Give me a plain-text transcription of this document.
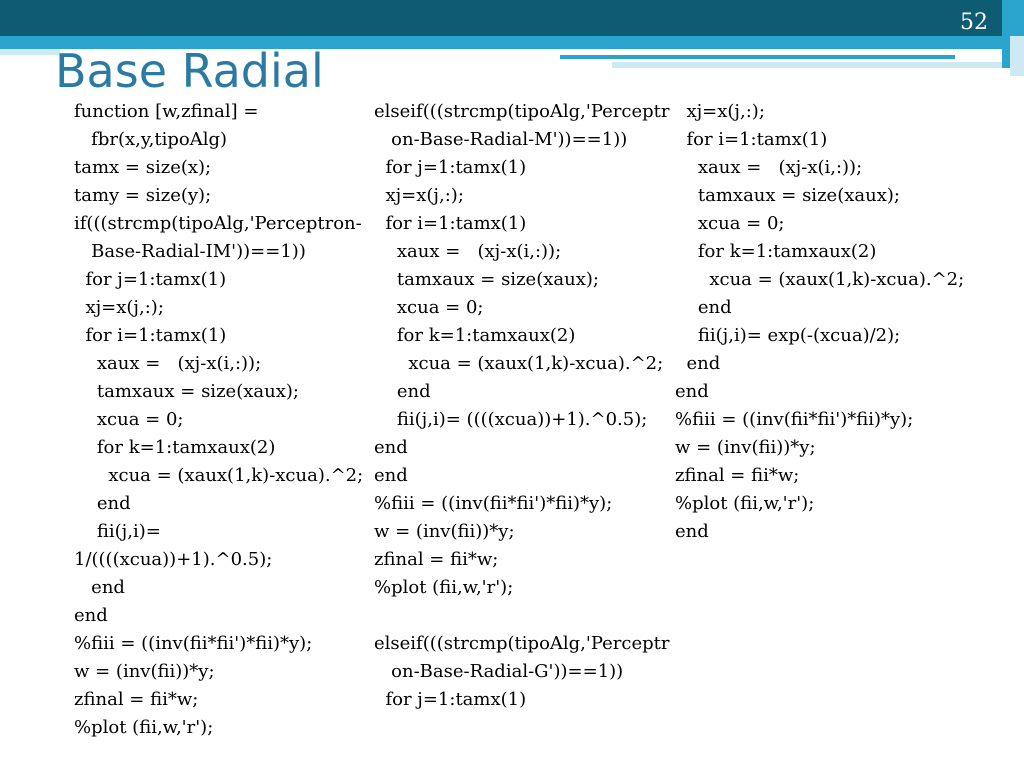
52
Base Radial
function [w,zfinal] =
fbr(x,y,tipoAlg)
tamx = size(x);
tamy = size(y);
if(((strcmp(tipoAlg,'Perceptron-
Base-Radial-IM'))==1))
for j=1:tamx(1)
xj=x(j,:);
for i=1:tamx(1)
xaux =   (xj-x(i,:));
tamxaux = size(xaux);
xcua = 0;
for k=1:tamxaux(2)
xcua = (xaux(1,k)-xcua).^2;
end
fii(j,i)=
1/((((xcua))+1).^0.5);
end
end
%fiii = ((inv(fii*fii')*fii)*y);
w = (inv(fii))*y;
zfinal = fii*w;
%plot (fii,w,'r');
elseif(((strcmp(tipoAlg,'Perceptr
on-Base-Radial-M'))==1))
for j=1:tamx(1)
xj=x(j,:);
for i=1:tamx(1)
xaux =   (xj-x(i,:));
tamxaux = size(xaux);
xcua = 0;
for k=1:tamxaux(2)
xcua = (xaux(1,k)-xcua).^2;
end
fii(j,i)= ((((xcua))+1).^0.5);
end
end
%fiii = ((inv(fii*fii')*fii)*y);
w = (inv(fii))*y;
zfinal = fii*w;
%plot (fii,w,'r');
elseif(((strcmp(tipoAlg,'Perceptr
on-Base-Radial-G'))==1))
for j=1:tamx(1)
xj=x(j,:);
for i=1:tamx(1)
xaux =   (xj-x(i,:));
tamxaux = size(xaux);
xcua = 0;
for k=1:tamxaux(2)
xcua = (xaux(1,k)-xcua).^2;
end
fii(j,i)= exp(-(xcua)/2);
end
end
%fiii = ((inv(fii*fii')*fii)*y);
w = (inv(fii))*y;
zfinal = fii*w;
%plot (fii,w,'r');
end
